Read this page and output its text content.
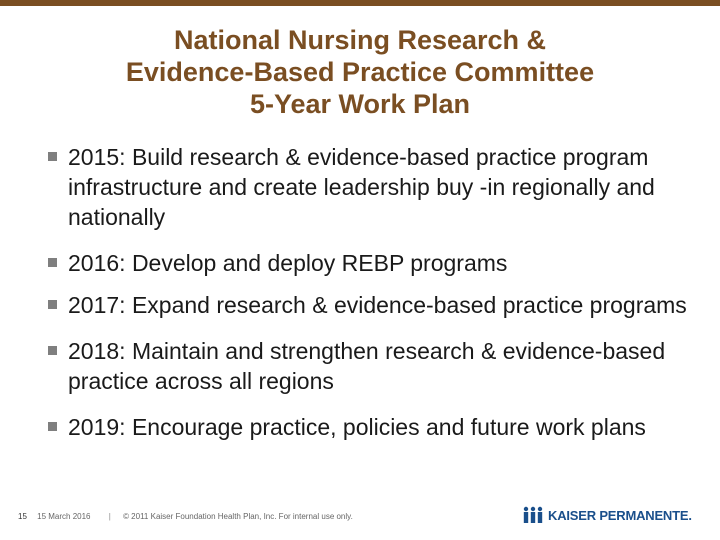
National Nursing Research &
Evidence-Based Practice Committee
5-Year Work Plan
2015: Build research & evidence-based practice program infrastructure and create leadership buy -in regionally and nationally
2016: Develop and deploy REBP programs
2017: Expand research & evidence-based practice programs
2018: Maintain and strengthen research & evidence-based practice across all regions
2019: Encourage practice, policies and future work plans
15 15 March 2016 | © 2011 Kaiser Foundation Health Plan, Inc. For internal use only.	KAISER PERMANENTE.
